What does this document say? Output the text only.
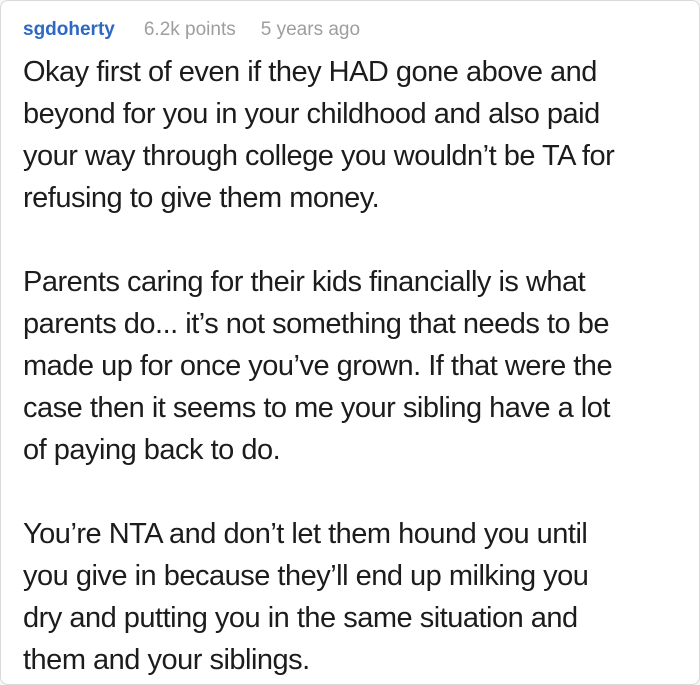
sgdoherty 6.2k points 5 years ago
Okay first of even if they HAD gone above and
beyond for you in your childhood and also paid
your way through college you wouldn’t be TA for
refusing to give them money.
Parents caring for their kids financially is what
parents do... it’s not something that needs to be
made up for once you’ve grown. If that were the
case then it seems to me your sibling have a lot
of paying back to do.
You’re NTA and don’t let them hound you until
you give in because they’ll end up milking you
dry and putting you in the same situation and
them and your siblings.
